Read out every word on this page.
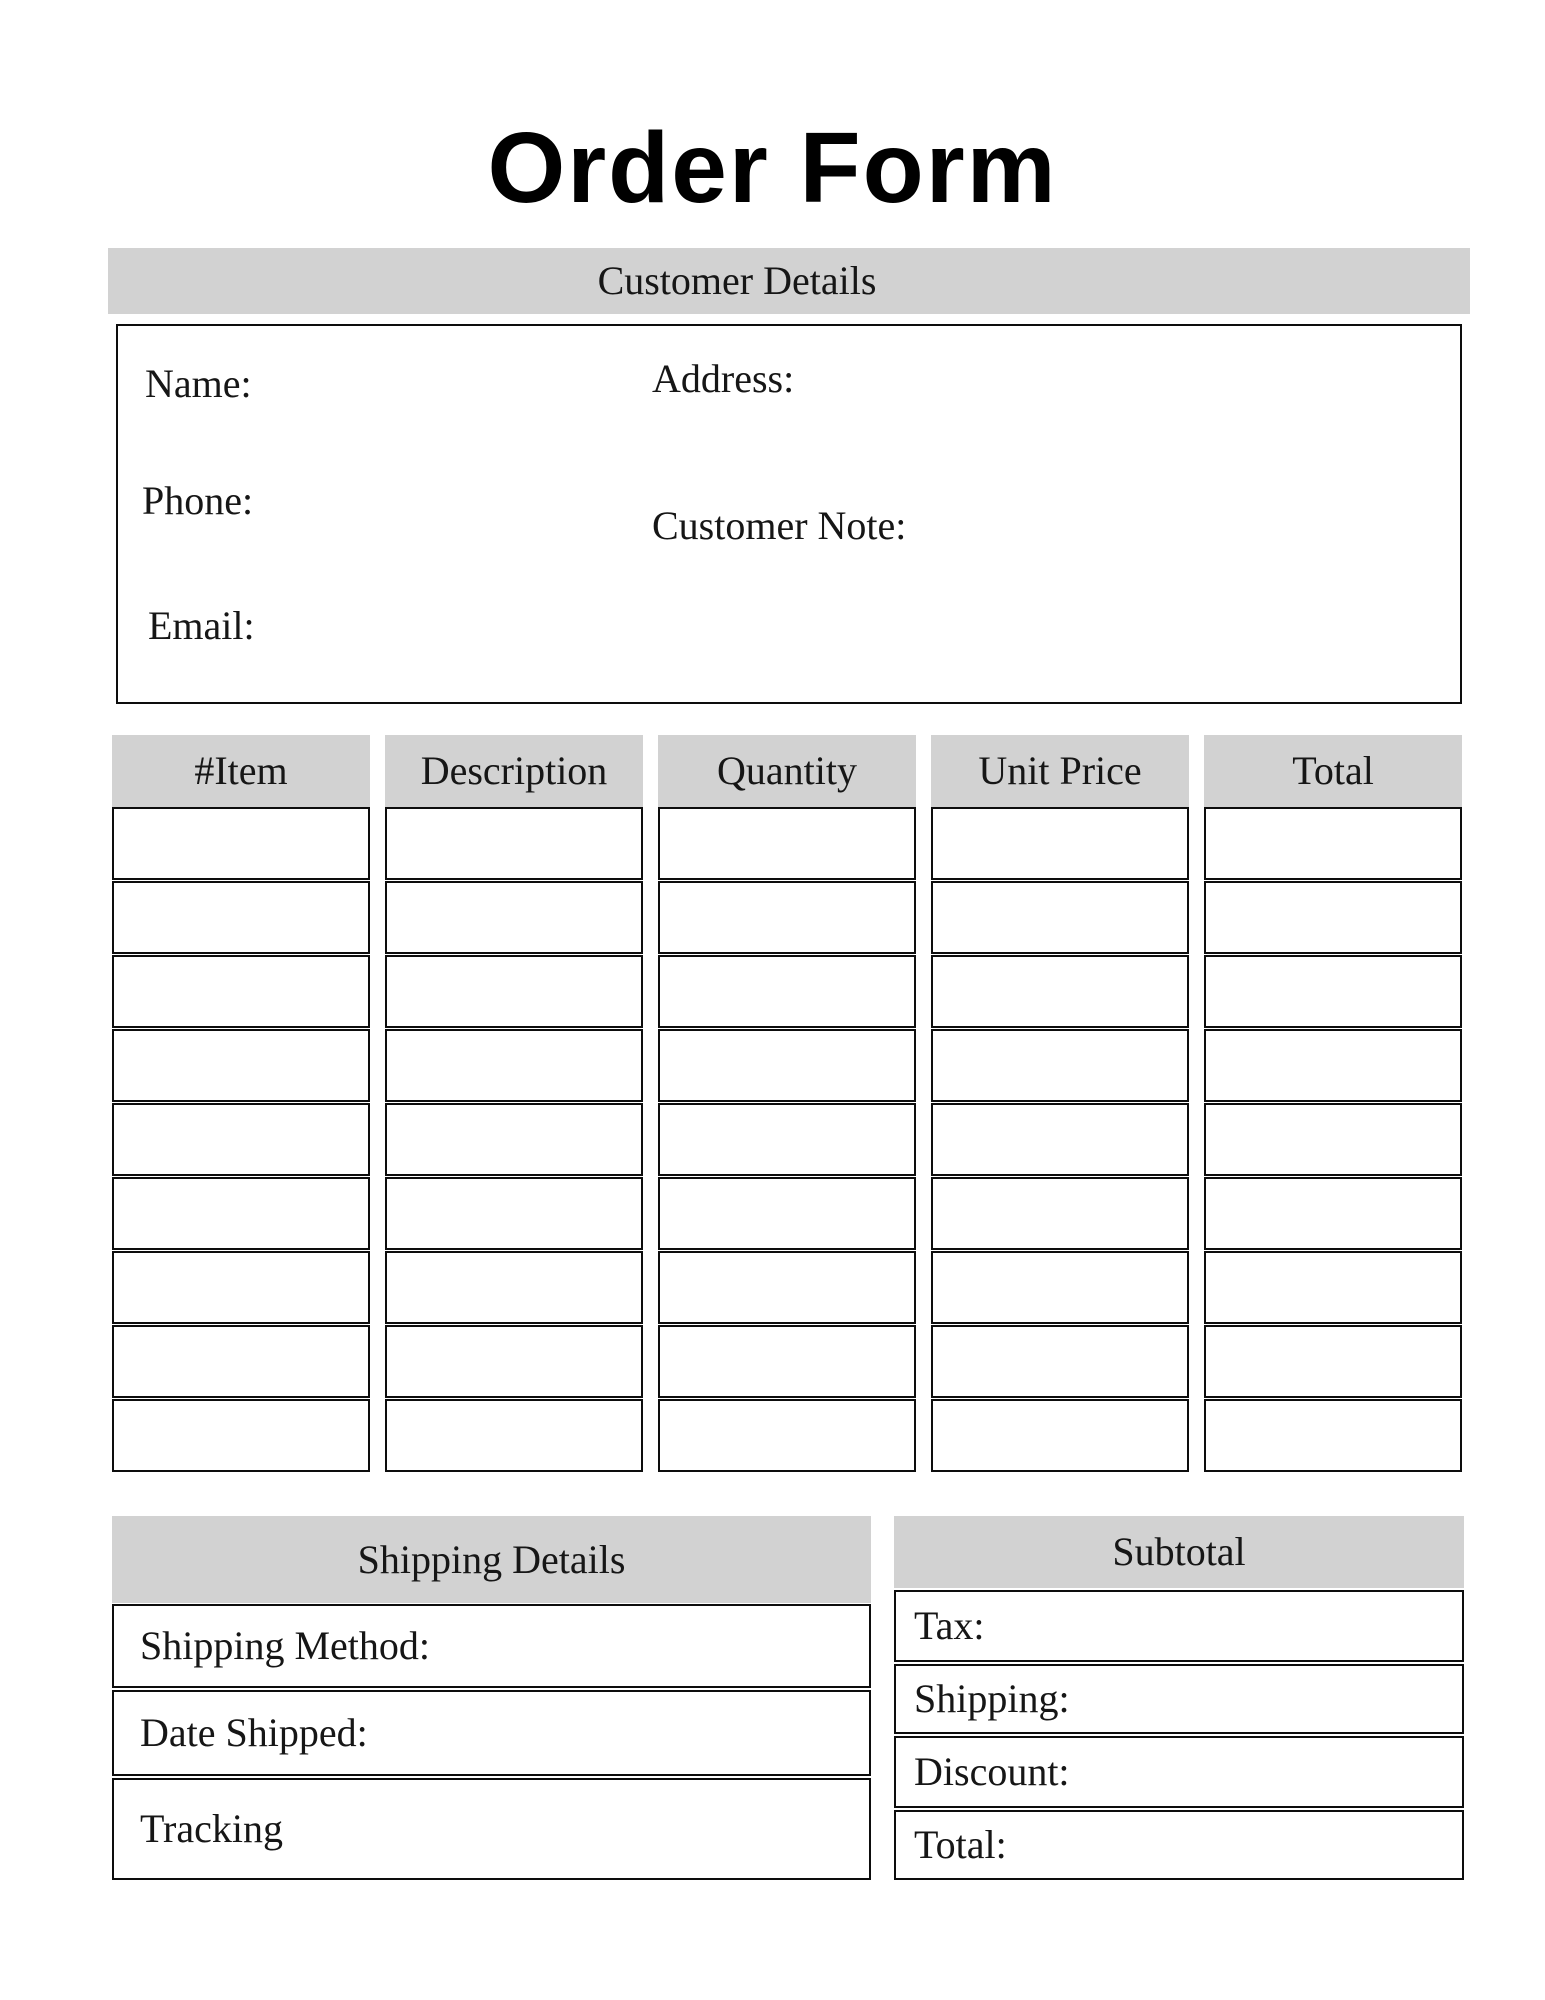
Order Form
Customer Details
Name:
Phone:
Email:
Address:
Customer Note:
#Item	Description	Quantity	Unit Price	Total
Shipping Details
Shipping Method:
Date Shipped:
Tracking
Subtotal
Tax:
Shipping:
Discount:
Total:
